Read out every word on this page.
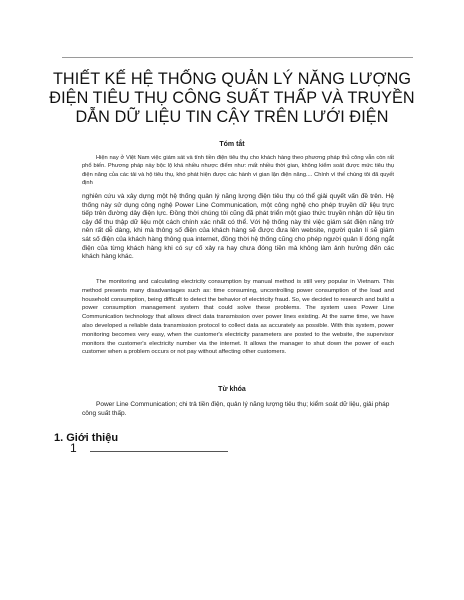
THIẾT KẾ HỆ THỐNG QUẢN LÝ NĂNG LƯỢNG
ĐIỆN TIÊU THỤ CÔNG SUẤT THẤP VÀ TRUYỀN
DẪN DỮ LIỆU TIN CẬY TRÊN LƯỚI ĐIỆN
Tóm tắt

Hiện nay ở Việt Nam việc giám sát và tính tiền điện tiêu thụ cho khách hàng theo phương pháp thủ công vẫn còn rất phổ biến. Phương pháp này bộc lộ khá nhiều nhược điểm như: mất nhiều thời gian, không kiểm soát được mức tiêu thụ điện năng của các tải và hộ tiêu thụ, khó phát hiện được các hành vi gian lận điện năng.... Chính vì thế chúng tôi đã quyết định

nghiên cứu và xây dựng một hệ thống quản lý năng lượng điện tiêu thụ có thể giải quyết vấn đề trên. Hệ thống này sử dụng công nghệ Power Line Communication, một công nghệ cho phép truyền dữ liệu trực tiếp trên đường dây điện lực. Đồng thời chúng tôi cũng đã phát triển một giao thức truyền nhận dữ liệu tin cậy để thu thập dữ liệu một cách chính xác nhất có thể. Với hệ thống này thì việc giám sát điện năng trở nên rất dễ dàng, khi mà thông số điện của khách hàng sẽ được đưa lên website, người quản lí sẽ giám sát số điện của khách hàng thông qua internet, đồng thời hệ thống cũng cho phép người quản lí đóng ngắt điện của từng khách hàng khi có sự cố xảy ra hay chưa đóng tiền mà không làm ảnh hưởng đến các khách hàng khác.

The monitoring and calculating electricity consumption by manual method is still very popular in Vietnam. This method presents many disadvantages such as: time consuming, uncontrolling power consumption of the load and household consumption, being difficult to detect the behavior of electricity fraud. So, we decided to research and build a power consumption management system that could solve these problems. The system uses Power Line Communication technology that allows direct data transmission over power lines existing. At the same time, we have also developed a reliable data transmission protocol to collect data as accurately as possible. With this system, power monitoring becomes very easy, when the customer's electricity parameters are posted to the website, the supervisor monitors the customer's electricity number via the internet. It allows the manager to shut down the power of each customer when a problem occurs or not pay without affecting other customers.

Từ khóa

Power Line Communication; chi trả tiền điện, quản lý năng lượng tiêu thụ; kiểm soát dữ liệu, giải pháp công suất thấp.

1. Giới thiệu
1
